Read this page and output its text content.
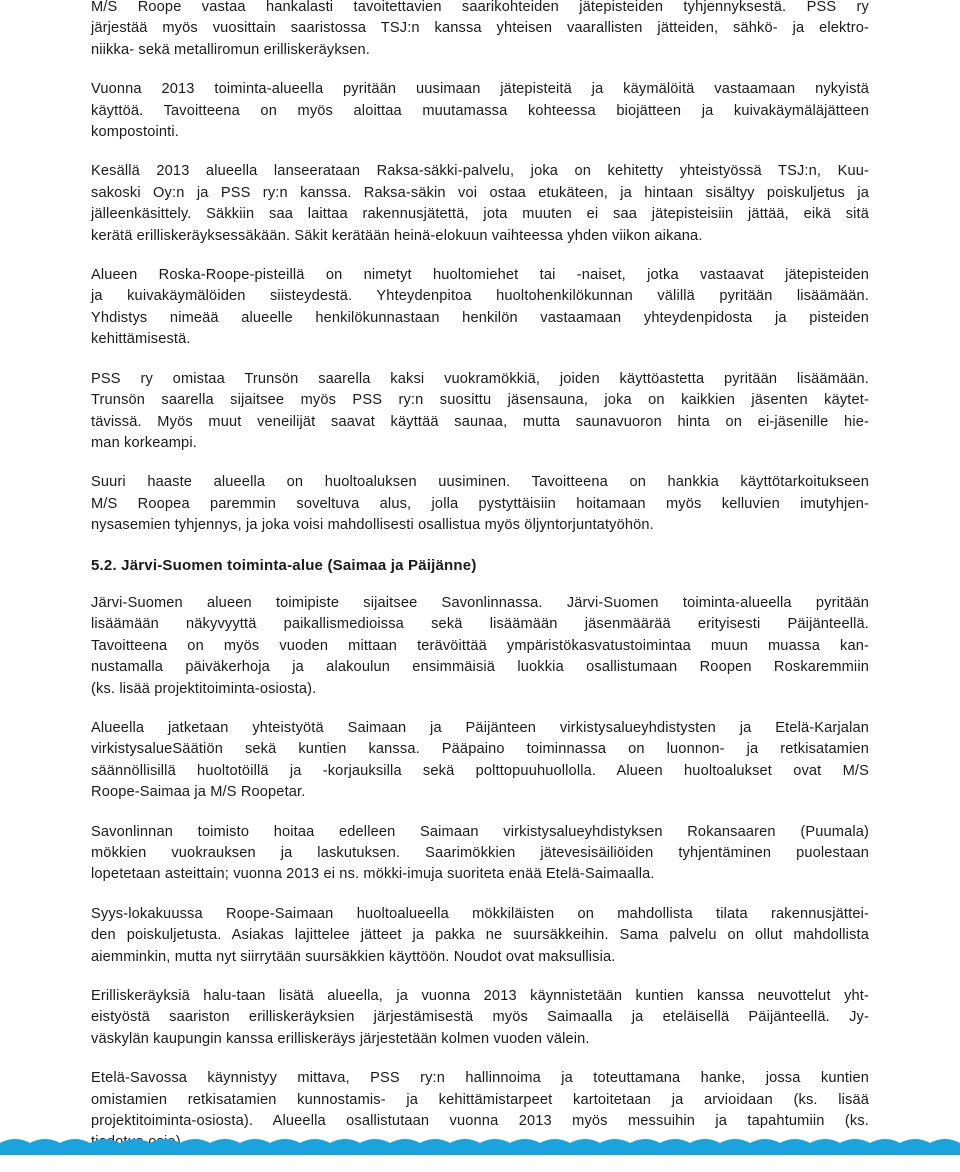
M/S Roope vastaa hankalasti tavoitettavien saarikohteiden jätepisteiden tyhjennyksestä. PSS ry
järjestää myös vuosittain saaristossa TSJ:n kanssa yhteisen vaarallisten jätteiden, sähkö- ja elektro-
niikka- sekä metalliromun erilliskeräyksen.

Vuonna 2013 toiminta-alueella pyritään uusimaan jätepisteitä ja käymälöitä vastaamaan nykyistä
käyttöä. Tavoitteena on myös aloittaa muutamassa kohteessa biojätteen ja kuivakäymäläjätteen
kompostointi.

Kesällä 2013 alueella lanseerataan Raksa-säkki-palvelu, joka on kehitetty yhteistyössä TSJ:n, Kuu-
sakoski Oy:n ja PSS ry:n kanssa. Raksa-säkin voi ostaa etukäteen, ja hintaan sisältyy poiskuljetus ja
jälleenkäsittely. Säkkiin saa laittaa rakennusjätettä, jota muuten ei saa jätepisteisiin jättää, eikä sitä
kerätä erilliskeräyksessäkään. Säkit kerätään heinä-elokuun vaihteessa yhden viikon aikana.

Alueen Roska-Roope-pisteillä on nimetyt huoltomiehet tai -naiset, jotka vastaavat jätepisteiden
ja kuivakäymälöiden siisteydestä. Yhteydenpitoa huoltohenkilökunnan välillä pyritään lisäämään.
Yhdistys nimeää alueelle henkilökunnastaan henkilön vastaamaan yhteydenpidosta ja pisteiden
kehittämisestä.

PSS ry omistaa Trunsön saarella kaksi vuokramökkiä, joiden käyttöastetta pyritään lisäämään.
Trunsön saarella sijaitsee myös PSS ry:n suosittu jäsensauna, joka on kaikkien jäsenten käytet-
tävissä. Myös muut veneilijät saavat käyttää saunaa, mutta saunavuoron hinta on ei-jäsenille hie-
man korkeampi.

Suuri haaste alueella on huoltoaluksen uusiminen. Tavoitteena on hankkia käyttötarkoitukseen
M/S Roopea paremmin soveltuva alus, jolla pystyttäisiin hoitamaan myös kelluvien imutyhjen-
nysasemien tyhjennys, ja joka voisi mahdollisesti osallistua myös öljyntorjuntatyöhön.

5.2. Järvi-Suomen toiminta-alue (Saimaa ja Päijänne)

Järvi-Suomen alueen toimipiste sijaitsee Savonlinnassa. Järvi-Suomen toiminta-alueella pyritään
lisäämään näkyvyyttä paikallismedioissa sekä lisäämään jäsenmäärää erityisesti Päijänteellä.
Tavoitteena on myös vuoden mittaan terävöittää ympäristökasvatustoimintaa muun muassa kan-
nustamalla päiväkerhoja ja alakoulun ensimmäisiä luokkia osallistumaan Roopen Roskaremmiin
(ks. lisää projektitoiminta-osiosta).

Alueella jatketaan yhteistyötä Saimaan ja Päijänteen virkistysalueyhdistysten ja Etelä-Karjalan
virkistysalueSäätiön sekä kuntien kanssa. Pääpaino toiminnassa on luonnon- ja retkisatamien
säännöllisillä huoltotöillä ja -korjauksilla sekä polttopuuhuollolla. Alueen huoltoalukset ovat M/S
Roope-Saimaa ja M/S Roopetar.

Savonlinnan toimisto hoitaa edelleen Saimaan virkistysalueyhdistyksen Rokansaaren (Puumala)
mökkien vuokrauksen ja laskutuksen. Saarimökkien jätevesisäiliöiden tyhjentäminen puolestaan
lopetetaan asteittain; vuonna 2013 ei ns. mökki-imuja suoriteta enää Etelä-Saimaalla.

Syys-lokakuussa Roope-Saimaan huoltoalueella mökkiläisten on mahdollista tilata rakennusjättei-
den poiskuljetusta. Asiakas lajittelee jätteet ja pakka ne suursäkkeihin. Sama palvelu on ollut mahdollista
aiemminkin, mutta nyt siirrytään suursäkkien käyttöön. Noudot ovat maksullisia.

Erilliskeräyksiä halu-taan lisätä alueella, ja vuonna 2013 käynnistetään kuntien kanssa neuvottelut yht-
eistyöstä saariston erilliskeräyksien järjestämisestä myös Saimaalla ja eteläisellä Päijänteellä. Jy-
väskylän kaupungin kanssa erilliskeräys järjestetään kolmen vuoden välein.

Etelä-Savossa käynnistyy mittava, PSS ry:n hallinnoima ja toteuttamana hanke, jossa kuntien
omistamien retkisatamien kunnostamis- ja kehittämistarpeet kartoitetaan ja arvioidaan (ks. lisää
projektitoiminta-osiosta). Alueella osallistutaan vuonna 2013 myös messuihin ja tapahtumiin (ks.
